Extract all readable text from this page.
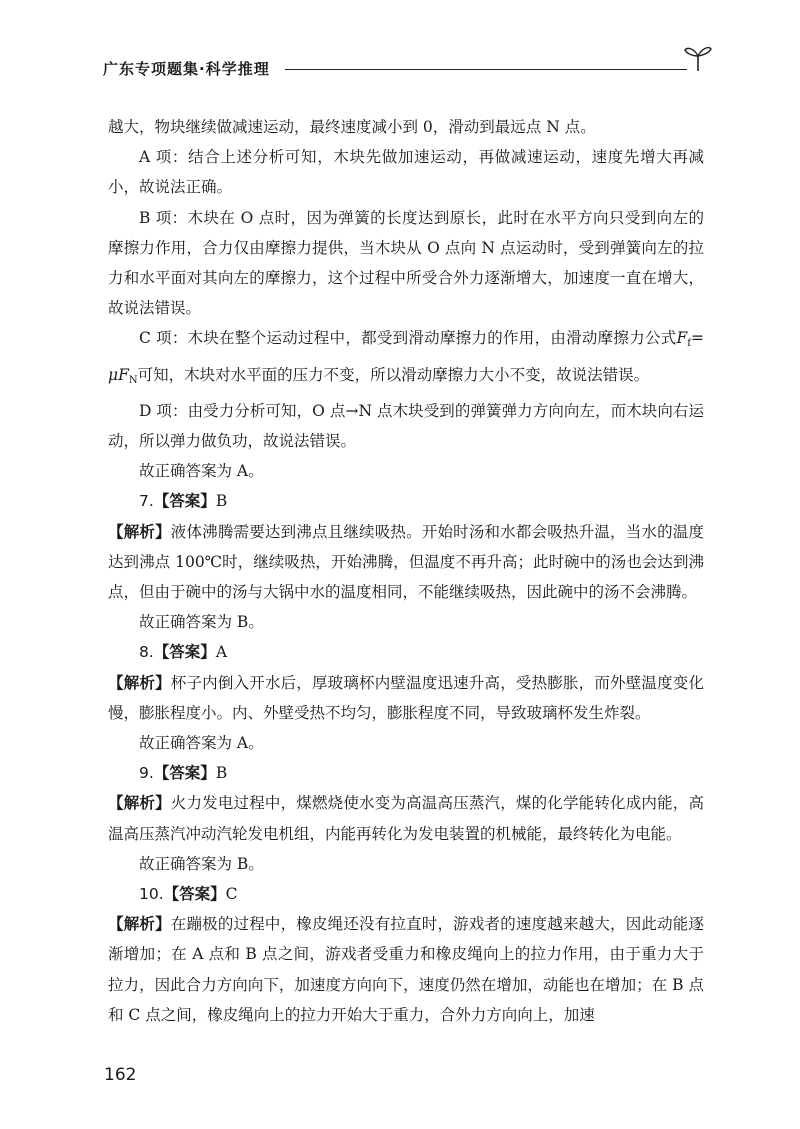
广东专项题集·科学推理

越大，物块继续做减速运动，最终速度减小到 0，滑动到最远点 N 点。

A 项：结合上述分析可知，木块先做加速运动，再做减速运动，速度先增大再减小，故说法正确。

B 项：木块在 O 点时，因为弹簧的长度达到原长，此时在水平方向只受到向左的摩擦力作用，合力仅由摩擦力提供，当木块从 O 点向 N 点运动时，受到弹簧向左的拉力和水平面对其向左的摩擦力，这个过程中所受合外力逐渐增大，加速度一直在增大，故说法错误。

C 项：木块在整个运动过程中，都受到滑动摩擦力的作用，由滑动摩擦力公式$F_f=\mu F_N$可知，木块对水平面的压力不变，所以滑动摩擦力大小不变，故说法错误。

D 项：由受力分析可知，O 点→N 点木块受到的弹簧弹力方向向左，而木块向右运动，所以弹力做负功，故说法错误。

故正确答案为 A。

7.【答案】B

【解析】液体沸腾需要达到沸点且继续吸热。开始时汤和水都会吸热升温，当水的温度达到沸点 100℃时，继续吸热，开始沸腾，但温度不再升高；此时碗中的汤也会达到沸点，但由于碗中的汤与大锅中水的温度相同，不能继续吸热，因此碗中的汤不会沸腾。

故正确答案为 B。

8.【答案】A

【解析】杯子内倒入开水后，厚玻璃杯内壁温度迅速升高，受热膨胀，而外壁温度变化慢，膨胀程度小。内、外壁受热不均匀，膨胀程度不同，导致玻璃杯发生炸裂。

故正确答案为 A。

9.【答案】B

【解析】火力发电过程中，煤燃烧使水变为高温高压蒸汽，煤的化学能转化成内能，高温高压蒸汽冲动汽轮发电机组，内能再转化为发电装置的机械能，最终转化为电能。

故正确答案为 B。

10.【答案】C

【解析】在蹦极的过程中，橡皮绳还没有拉直时，游戏者的速度越来越大，因此动能逐渐增加；在 A 点和 B 点之间，游戏者受重力和橡皮绳向上的拉力作用，由于重力大于拉力，因此合力方向向下，加速度方向向下，速度仍然在增加，动能也在增加；在 B 点和 C 点之间，橡皮绳向上的拉力开始大于重力，合外力方向向上，加速

162
